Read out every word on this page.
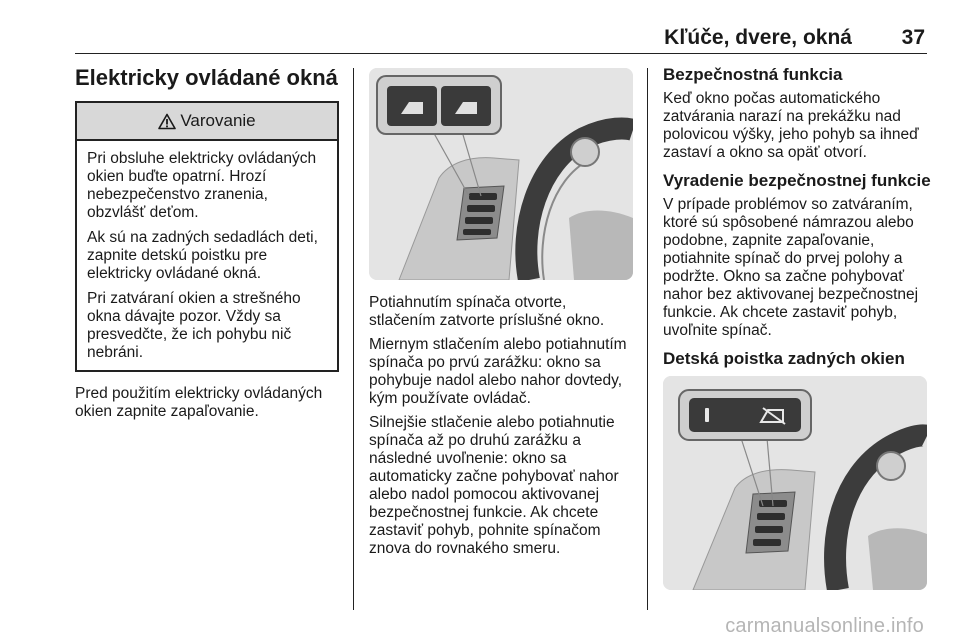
Kľúče, dvere, okná 37
Elektricky ovládané okná
Varovanie

Pri obsluhe elektricky ovládaných okien buďte opatrní. Hrozí nebezpečenstvo zranenia, obzvlášť deťom.

Ak sú na zadných sedadlách deti, zapnite detskú poistku pre elektricky ovládané okná.

Pri zatváraní okien a strešného okna dávajte pozor. Vždy sa presvedčte, že ich pohybu nič nebráni.

Pred použitím elektricky ovládaných okien zapnite zapaľovanie.

Potiahnutím spínača otvorte, stlačením zatvorte príslušné okno.

Miernym stlačením alebo potiahnutím spínača po prvú zarážku: okno sa pohybuje nadol alebo nahor dovtedy, kým používate ovládač.

Silnejšie stlačenie alebo potiahnutie spínača až po druhú zarážku a následné uvoľnenie: okno sa automaticky začne pohybovať nahor alebo nadol pomocou aktivovanej bezpečnostnej funkcie. Ak chcete zastaviť pohyb, pohnite spínačom znova do rovnakého smeru.

Bezpečnostná funkcia

Keď okno počas automatického zatvárania narazí na prekážku nad polovicou výšky, jeho pohyb sa ihneď zastaví a okno sa opäť otvorí.

Vyradenie bezpečnostnej funkcie

V prípade problémov so zatváraním, ktoré sú spôsobené námrazou alebo podobne, zapnite zapaľovanie, potiahnite spínač do prvej polohy a podržte. Okno sa začne pohybovať nahor bez aktivovanej bezpečnostnej funkcie. Ak chcete zastaviť pohyb, uvoľnite spínač.

Detská poistka zadných okien
carmanualsonline.info
